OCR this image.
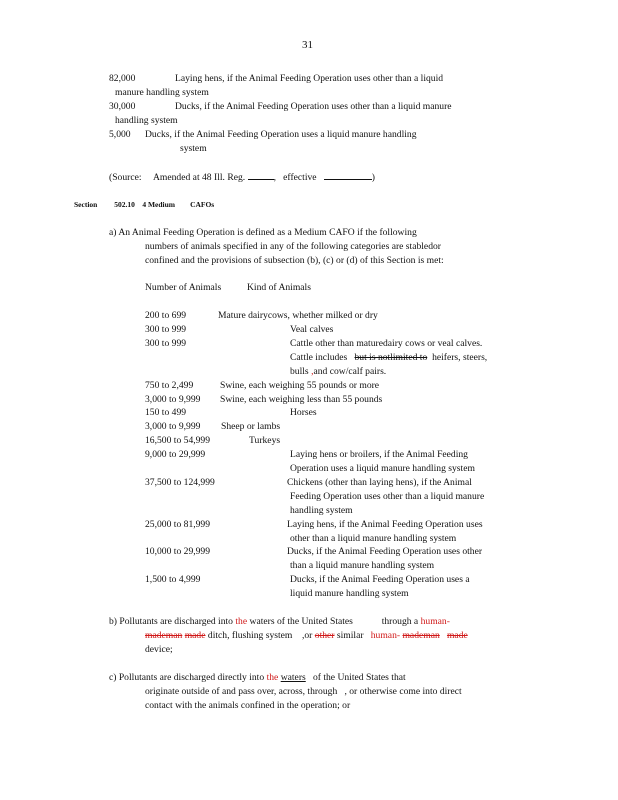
31
82,000	Laying hens, if the Animal Feeding Operation uses other than a liquid
manure handling system
30,000	Ducks, if the Animal Feeding Operation uses other than a liquid manure
handling system
5,000 Ducks, if the Animal Feeding Operation uses a liquid manure handling
system
(Source: Amended at 48 Ill. Reg.	,   effective	)
Section 502.10 4 Medium CAFOs
a) An Animal Feeding Operation is defined as a Medium CAFO if the following
numbers of animals specified in any of the following categories are stabledor
confined and the provisions of subsection (b), (c) or (d) of this Section is met:
Number of Animals	Kind of Animals
200 to 699	Mature dairycows, whether milked or dry
300 to 999	Veal calves
300 to 999	Cattle other than maturedairy cows or veal calves.
Cattle includes but is notlimited to heifers, steers,
bulls ,and cow/calf pairs.
750 to 2,499	Swine, each weighing 55 pounds or more
3,000 to 9,999 Swine, each weighing less than 55 pounds
150 to 499	Horses
3,000 to 9,999 Sheep or lambs
16,500 to 54,999	Turkeys
9,000 to 29,999	Laying hens or broilers, if the Animal Feeding
Operation uses a liquid manure handling system
37,500 to 124,999	Chickens (other than laying hens), if the Animal
Feeding Operation uses other than a liquid manure
handling system
25,000 to 81,999	Laying hens, if the Animal Feeding Operation uses
other than a liquid manure handling system
10,000 to 29,999	Ducks, if the Animal Feeding Operation uses other
than a liquid manure handling system
1,500 to 4,999	Ducks, if the Animal Feeding Operation uses a
liquid manure handling system
b) Pollutants are discharged into the waters of the United States	through a human-
mademan made ditch, flushing system ,or other similar human- mademan made
device;
c) Pollutants are discharged directly into the waters of the United States that
originate outside of and pass over, across, through , or otherwise come into direct
contact with the animals confined in the operation; or
